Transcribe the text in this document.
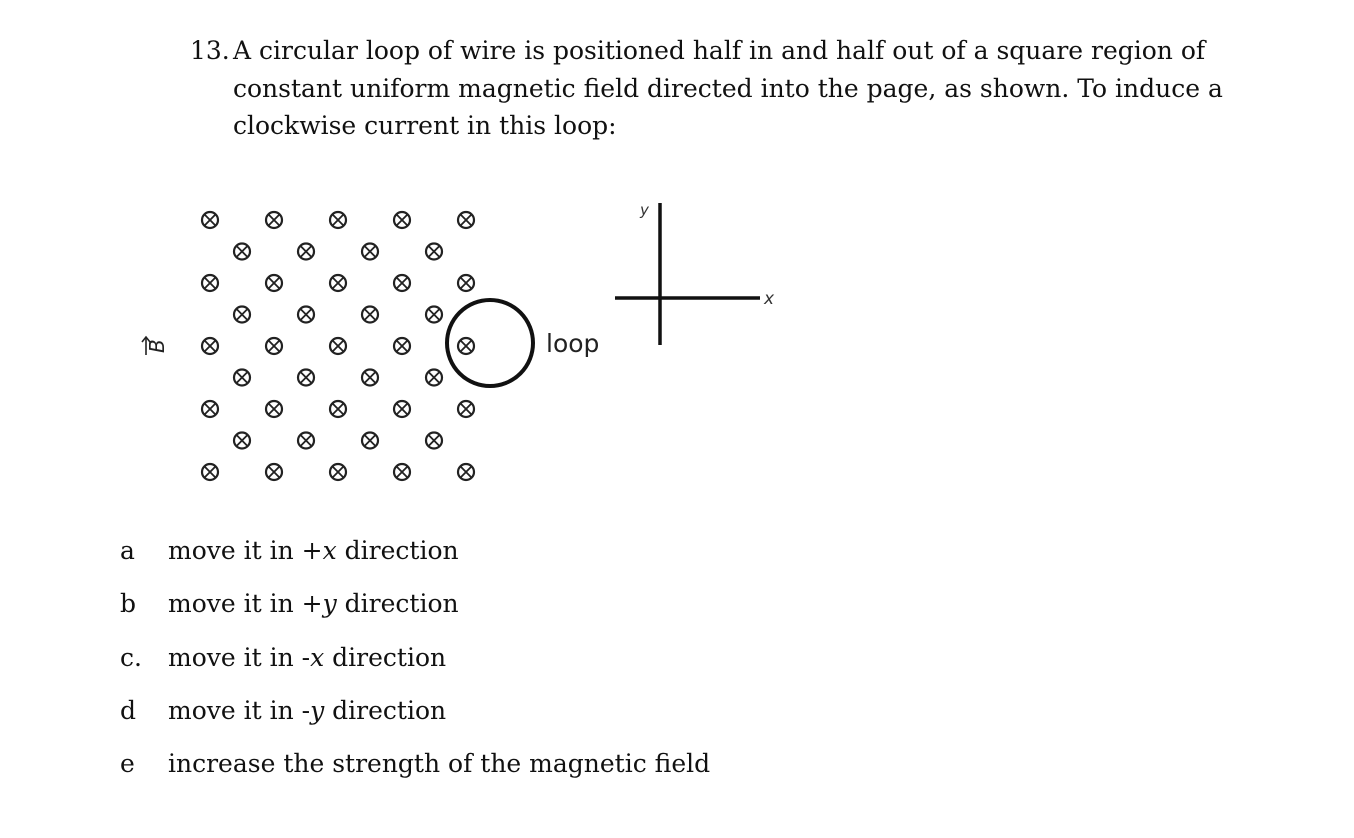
13. A circular loop of wire is positioned half in and half out of a square region of constant uniform magnetic field directed into the page, as shown. To induce a clockwise current in this loop:
B	loop
y
x
a	move it in +x direction
b	move it in +y direction
c.	move it in -x direction
d	move it in -y direction
e	increase the strength of the magnetic field
